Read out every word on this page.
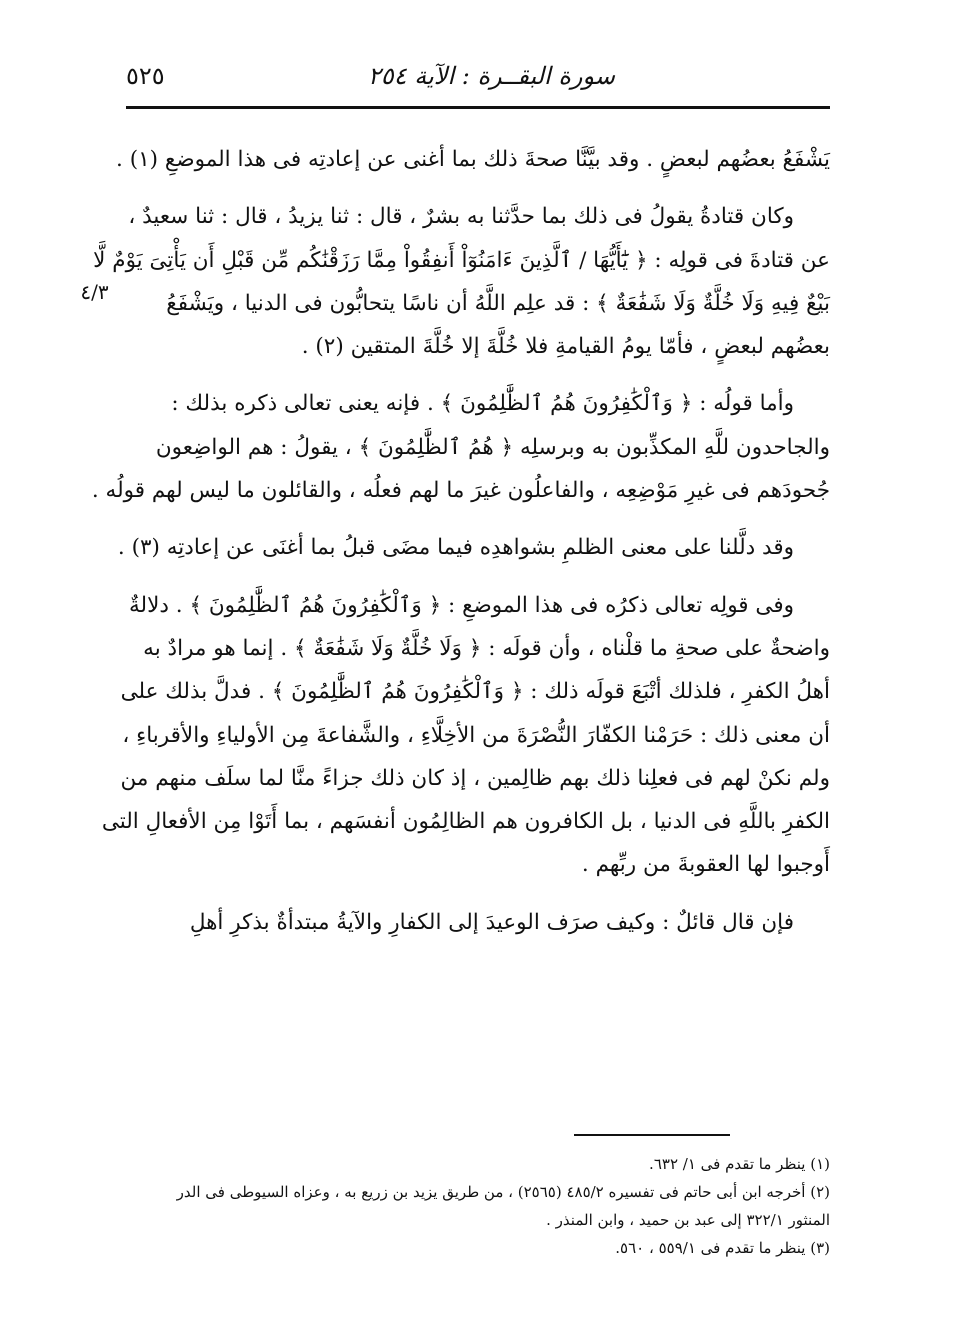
سورة البقــرة : الآية ٢٥٤
٥٢٥
٤/٣

يَشْفَعُ بعضُهم لبعضٍ . وقد بيَّنَّا صحةَ ذلك بما أغنى عن إعادتِه فى هذا الموضعِ (١) .

وكان قتادةُ يقولُ فى ذلك بما حدَّثنا به بشرٌ ، قال : ثنا يزيدُ ، قال : ثنا سعيدٌ ،
عن قتادةَ فى قولِه : ﴿ يَٰٓأَيُّهَا / ٱلَّذِينَ ءَامَنُوٓاْ أَنفِقُواْ مِمَّا رَزَقْنَٰكُم مِّن قَبْلِ أَن يَأْتِىَ يَوْمٌ لَّا
بَيْعٌ فِيهِ وَلَا خُلَّةٌ وَلَا شَفَٰعَةٌ ﴾ : قد علِم اللَّهُ أن ناسًا يتحابُّون فى الدنيا ، ويَشْفَعُ
بعضُهم لبعضٍ ، فأمّا يومُ القيامةِ فلا خُلَّةَ إلا خُلَّةَ المتقين (٢) .

وأما قولُه : ﴿ وَٱلْكَٰفِرُونَ هُمُ ٱلظَّٰلِمُونَ ﴾ . فإنه يعنى تعالى ذكره بذلك :
والجاحدون للَّهِ المكذِّبون به وبرسلِه ﴿ هُمُ ٱلظَّٰلِمُونَ ﴾ ، يقولُ : هم الواضِعون
جُحودَهم فى غيرِ مَوْضِعِه ، والفاعلُون غيرَ ما لهم فعلُه ، والقائلون ما ليس لهم قولُه .

وقد دلَّلنا على معنى الظلمِ بشواهدِه فيما مضَى قبلُ بما أغنَى عن إعادتِه (٣) .

وفى قولِه تعالى ذكرُه فى هذا الموضعِ : ﴿ وَٱلْكَٰفِرُونَ هُمُ ٱلظَّٰلِمُونَ ﴾ . دلالةٌ
واضحةٌ على صحةِ ما قلْناه ، وأن قولَه : ﴿ وَلَا خُلَّةٌ وَلَا شَفَٰعَةٌ ﴾ . إنما هو مرادٌ به
أهلُ الكفرِ ، فلذلك أتْبَعَ قولَه ذلك : ﴿ وَٱلْكَٰفِرُونَ هُمُ ٱلظَّٰلِمُونَ ﴾ . فدلَّ بذلك على
أن معنى ذلك : حَرَمْنا الكفّارَ النُّصْرَةَ من الأخِلَّاءِ ، والشَّفاعةَ مِن الأولياءِ والأقرباءِ ،
ولم نكنْ لهم فى فعلِنا ذلك بهم ظالِمين ، إذ كان ذلك جزاءً منَّا لما سلَف منهم من
الكفرِ باللَّهِ فى الدنيا ، بل الكافرون هم الظالِمُون أنفسَهم ، بما أَتَوْا مِن الأفعالِ التى
أَوجبوا لها العقوبةَ من ربِّهم .

فإن قال قائلٌ : وكيف صرَف الوعيدَ إلى الكفارِ والآيةُ مبتدأةٌ بذكرِ أهلِ

(١) ينظر ما تقدم فى ١/ ٦٣٢.
(٢) أخرجه ابن أبى حاتم فى تفسيره ٤٨٥/٢ (٢٥٦٥) ، من طريق يزيد بن زريع به ، وعزاه السيوطى فى الدر
المنثور ٣٢٢/١ إلى عبد بن حميد ، وابن المنذر .
(٣) ينظر ما تقدم فى ٥٥٩/١ ، ٥٦٠.
